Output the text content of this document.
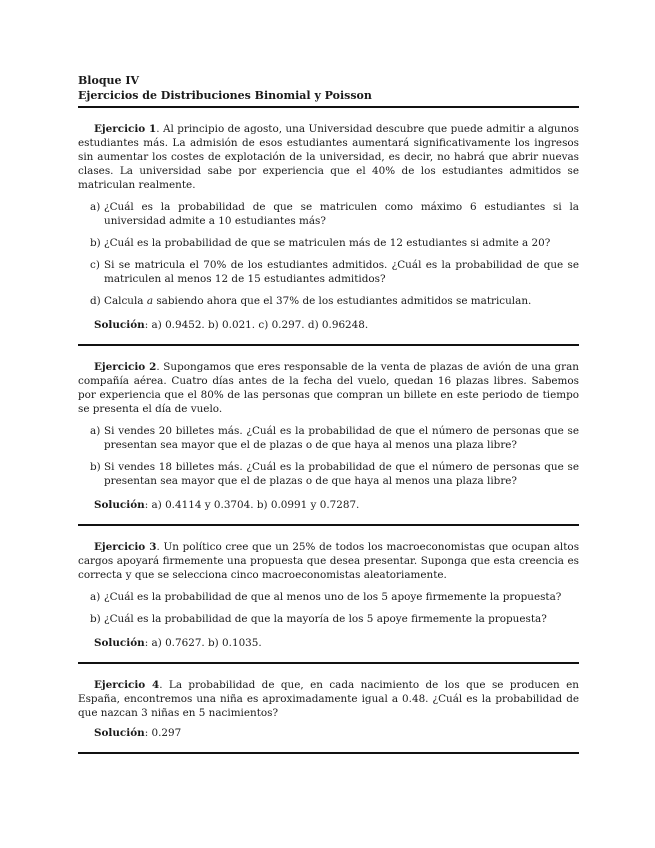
Bloque IV
Ejercicios de Distribuciones Binomial y Poisson
Ejercicio 1. Al principio de agosto, una Universidad descubre que puede admitir a algunos estudiantes más. La admisión de esos estudiantes aumentará significativamente los ingresos sin aumentar los costes de explotación de la universidad, es decir, no habrá que abrir nuevas clases. La universidad sabe por experiencia que el 40% de los estudiantes admitidos se matriculan realmente.
a) ¿Cuál es la probabilidad de que se matriculen como máximo 6 estudiantes si la universidad admite a 10 estudiantes más?
b) ¿Cuál es la probabilidad de que se matriculen más de 12 estudiantes si admite a 20?
c) Si se matricula el 70% de los estudiantes admitidos. ¿Cuál es la probabilidad de que se matriculen al menos 12 de 15 estudiantes admitidos?
d) Calcula a sabiendo ahora que el 37% de los estudiantes admitidos se matriculan.
Solución: a) 0.9452. b) 0.021. c) 0.297. d) 0.96248.
Ejercicio 2. Supongamos que eres responsable de la venta de plazas de avión de una gran compañía aérea. Cuatro días antes de la fecha del vuelo, quedan 16 plazas libres. Sabemos por experiencia que el 80% de las personas que compran un billete en este periodo de tiempo se presenta el día de vuelo.
a) Si vendes 20 billetes más. ¿Cuál es la probabilidad de que el número de personas que se presentan sea mayor que el de plazas o de que haya al menos una plaza libre?
b) Si vendes 18 billetes más. ¿Cuál es la probabilidad de que el número de personas que se presentan sea mayor que el de plazas o de que haya al menos una plaza libre?
Solución: a) 0.4114 y 0.3704. b) 0.0991 y 0.7287.
Ejercicio 3. Un político cree que un 25% de todos los macroeconomistas que ocupan altos cargos apoyará firmemente una propuesta que desea presentar. Suponga que esta creencia es correcta y que se selecciona cinco macroeconomistas aleatoriamente.
a) ¿Cuál es la probabilidad de que al menos uno de los 5 apoye firmemente la propuesta?
b) ¿Cuál es la probabilidad de que la mayoría de los 5 apoye firmemente la propuesta?
Solución: a) 0.7627. b) 0.1035.
Ejercicio 4. La probabilidad de que, en cada nacimiento de los que se producen en España, encontremos una niña es aproximadamente igual a 0.48. ¿Cuál es la probabilidad de que nazcan 3 niñas en 5 nacimientos?
Solución: 0.297
